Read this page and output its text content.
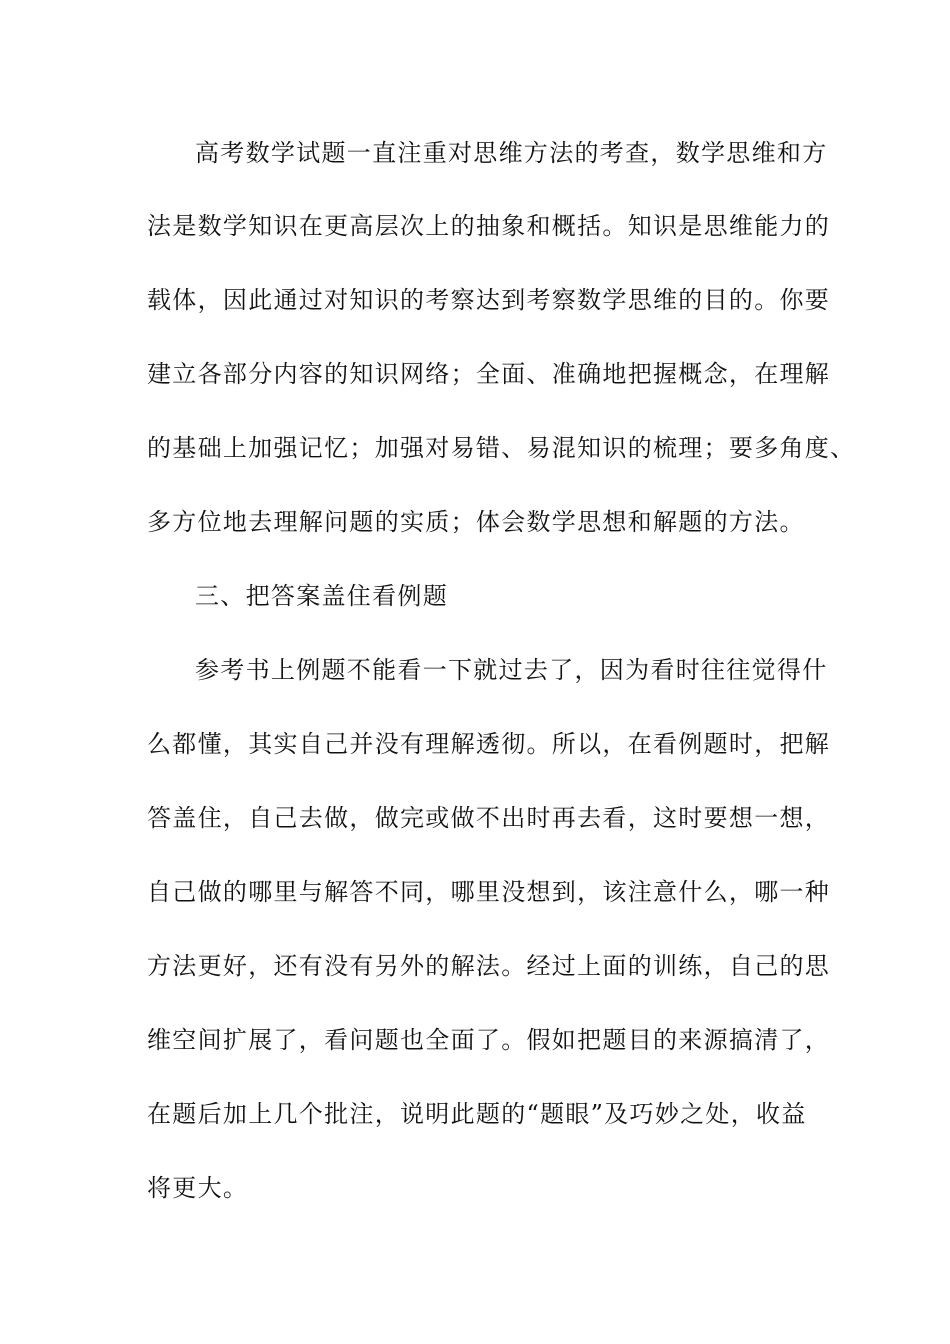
高考数学试题一直注重对思维方法的考查，数学思维和方
法是数学知识在更高层次上的抽象和概括。知识是思维能力的
载体，因此通过对知识的考察达到考察数学思维的目的。你要
建立各部分内容的知识网络；全面、准确地把握概念，在理解
的基础上加强记忆；加强对易错、易混知识的梳理；要多角度、
多方位地去理解问题的实质；体会数学思想和解题的方法。
三、把答案盖住看例题
参考书上例题不能看一下就过去了，因为看时往往觉得什
么都懂，其实自己并没有理解透彻。所以，在看例题时，把解
答盖住，自己去做，做完或做不出时再去看，这时要想一想，
自己做的哪里与解答不同，哪里没想到，该注意什么，哪一种
方法更好，还有没有另外的解法。经过上面的训练，自己的思
维空间扩展了，看问题也全面了。假如把题目的来源搞清了，
在题后加上几个批注，说明此题的“题眼”及巧妙之处，收益
将更大。
